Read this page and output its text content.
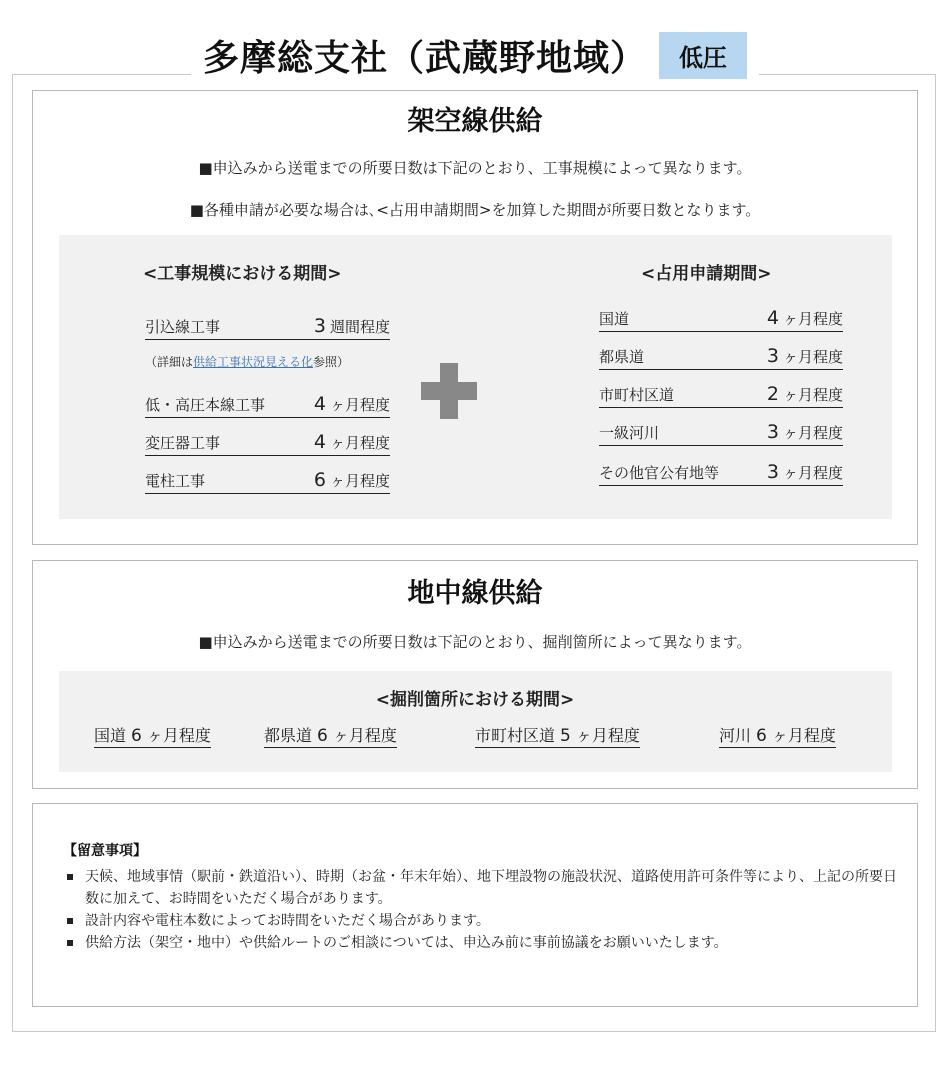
多摩総支社（武蔵野地域）	低圧
架空線供給
■申込みから送電までの所要日数は下記のとおり、工事規模によって異なります。
■各種申請が必要な場合は､<占用申請期間>を加算した期間が所要日数となります。
<工事規模における期間>	<占用申請期間>
引込線工事	3 週間程度
（詳細は供給工事状況見える化参照）
低・高圧本線工事	4 ヶ月程度
変圧器工事	4 ヶ月程度
電柱工事	6 ヶ月程度
国道	4 ヶ月程度
都県道	3 ヶ月程度
市町村区道	2 ヶ月程度
一級河川	3 ヶ月程度
その他官公有地等	3 ヶ月程度
地中線供給
■申込みから送電までの所要日数は下記のとおり、掘削箇所によって異なります。
<掘削箇所における期間>
国道 6 ヶ月程度	都県道 6 ヶ月程度	市町村区道 5 ヶ月程度	河川 6 ヶ月程度
【留意事項】
天候、地域事情（駅前・鉄道沿い）、時期（お盆・年末年始）、地下埋設物の施設状況、道路使用許可条件等により、上記の所要日数に加えて、お時間をいただく場合があります。
設計内容や電柱本数によってお時間をいただく場合があります。
供給方法（架空・地中）や供給ルートのご相談については、申込み前に事前協議をお願いいたします。
